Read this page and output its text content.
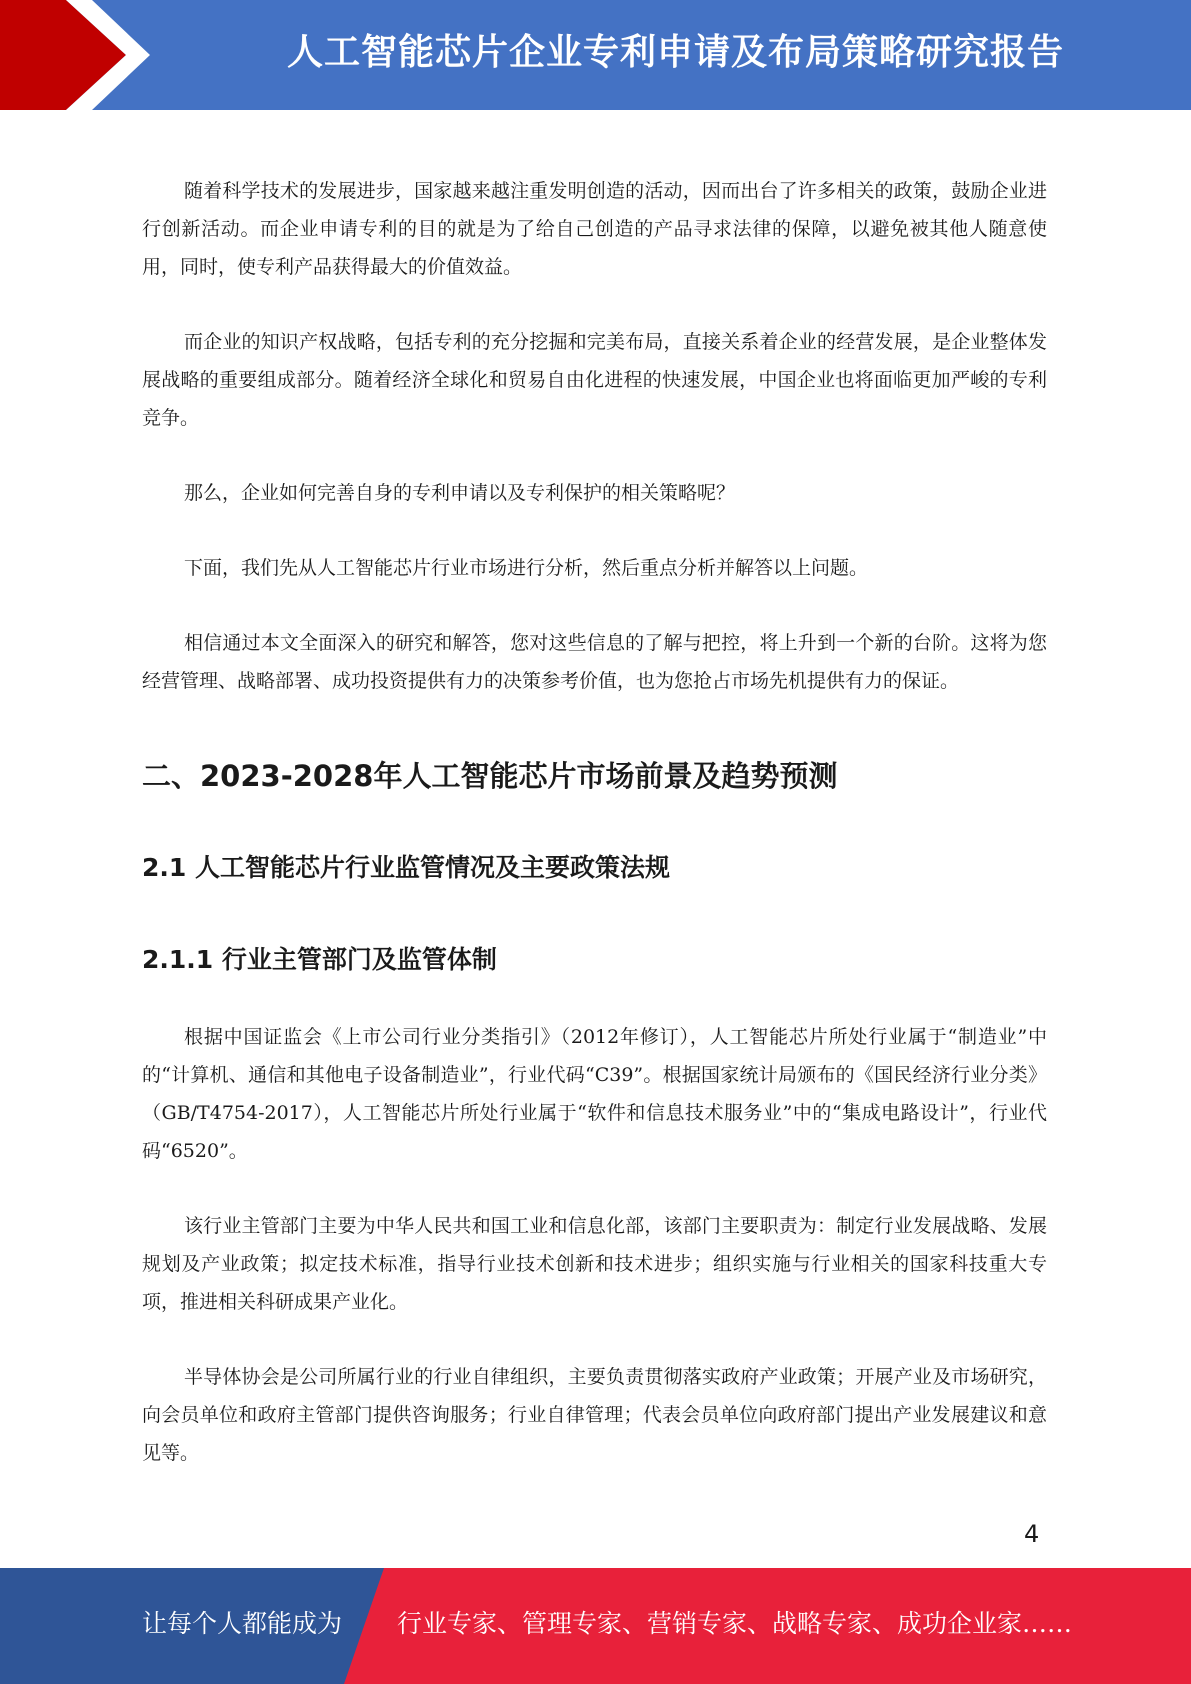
人工智能芯片企业专利申请及布局策略研究报告

随着科学技术的发展进步，国家越来越注重发明创造的活动，因而出台了许多相关的政策，鼓励企业进行创新活动。而企业申请专利的目的就是为了给自己创造的产品寻求法律的保障，以避免被其他人随意使用，同时，使专利产品获得最大的价值效益。

而企业的知识产权战略，包括专利的充分挖掘和完美布局，直接关系着企业的经营发展，是企业整体发展战略的重要组成部分。随着经济全球化和贸易自由化进程的快速发展，中国企业也将面临更加严峻的专利竞争。

那么，企业如何完善自身的专利申请以及专利保护的相关策略呢？

下面，我们先从人工智能芯片行业市场进行分析，然后重点分析并解答以上问题。

相信通过本文全面深入的研究和解答，您对这些信息的了解与把控，将上升到一个新的台阶。这将为您经营管理、战略部署、成功投资提供有力的决策参考价值，也为您抢占市场先机提供有力的保证。

二、2023-2028年人工智能芯片市场前景及趋势预测
2.1 人工智能芯片行业监管情况及主要政策法规
2.1.1 行业主管部门及监管体制

根据中国证监会《上市公司行业分类指引》（2012年修订），人工智能芯片所处行业属于“制造业”中的“计算机、通信和其他电子设备制造业”，行业代码“C39”。根据国家统计局颁布的《国民经济行业分类》（GB/T4754-2017），人工智能芯片所处行业属于“软件和信息技术服务业”中的“集成电路设计”，行业代码“6520”。

该行业主管部门主要为中华人民共和国工业和信息化部，该部门主要职责为：制定行业发展战略、发展规划及产业政策；拟定技术标准，指导行业技术创新和技术进步；组织实施与行业相关的国家科技重大专项，推进相关科研成果产业化。

半导体协会是公司所属行业的行业自律组织，主要负责贯彻落实政府产业政策；开展产业及市场研究，向会员单位和政府主管部门提供咨询服务；行业自律管理；代表会员单位向政府部门提出产业发展建议和意见等。

4
让每个人都能成为 行业专家、管理专家、营销专家、战略专家、成功企业家……
